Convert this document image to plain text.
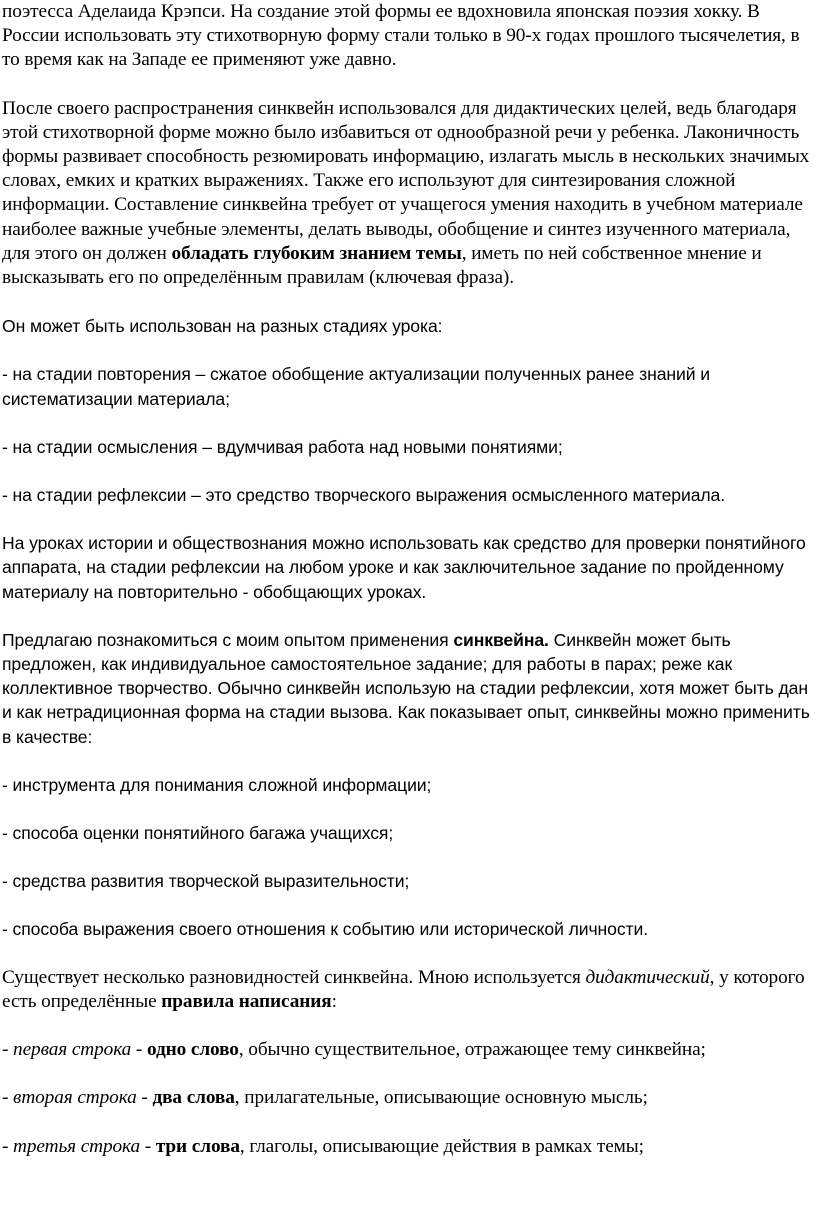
поэтесса Аделаида Крэпси. На создание этой формы ее вдохновила японская поэзия хокку. В России использовать эту стихотворную форму стали только в 90-х годах прошлого тысячелетия, в то время как на Западе ее применяют уже давно.

После своего распространения синквейн использовался для дидактических целей, ведь благодаря этой стихотворной форме можно было избавиться от однообразной речи у ребенка. Лаконичность формы развивает способность резюмировать информацию, излагать мысль в нескольких значимых словах, емких и кратких выражениях. Также его используют для синтезирования сложной информации. Составление синквейна требует от учащегося умения находить в учебном материале наиболее важные учебные элементы, делать выводы, обобщение и синтез изученного материала, для этого он должен обладать глубоким знанием темы, иметь по ней собственное мнение и высказывать его по определённым правилам (ключевая фраза).

Он может быть использован на разных стадиях урока:

- на стадии повторения – сжатое обобщение актуализации полученных ранее знаний и систематизации материала;

- на стадии осмысления – вдумчивая работа над новыми понятиями;

- на стадии рефлексии – это средство творческого выражения осмысленного материала.

На уроках истории и обществознания можно использовать как средство для проверки понятийного аппарата, на стадии рефлексии на любом уроке и как заключительное задание по пройденному материалу на повторительно - обобщающих уроках.

Предлагаю познакомиться с моим опытом применения синквейна. Синквейн может быть предложен, как индивидуальное самостоятельное задание; для работы в парах; реже как коллективное творчество. Обычно синквейн использую на стадии рефлексии, хотя может быть дан и как нетрадиционная форма на стадии вызова. Как показывает опыт, синквейны можно применить в качестве:

- инструмента для понимания сложной информации;

- способа оценки понятийного багажа учащихся;

- средства развития творческой выразительности;

- способа выражения своего отношения к событию или исторической личности.

Существует несколько разновидностей синквейна. Мною используется дидактический, у которого есть определённые правила написания:

- первая строка - одно слово, обычно существительное, отражающее тему синквейна;

- вторая строка - два слова, прилагательные, описывающие основную мысль;

- третья строка - три слова, глаголы, описывающие действия в рамках темы;
